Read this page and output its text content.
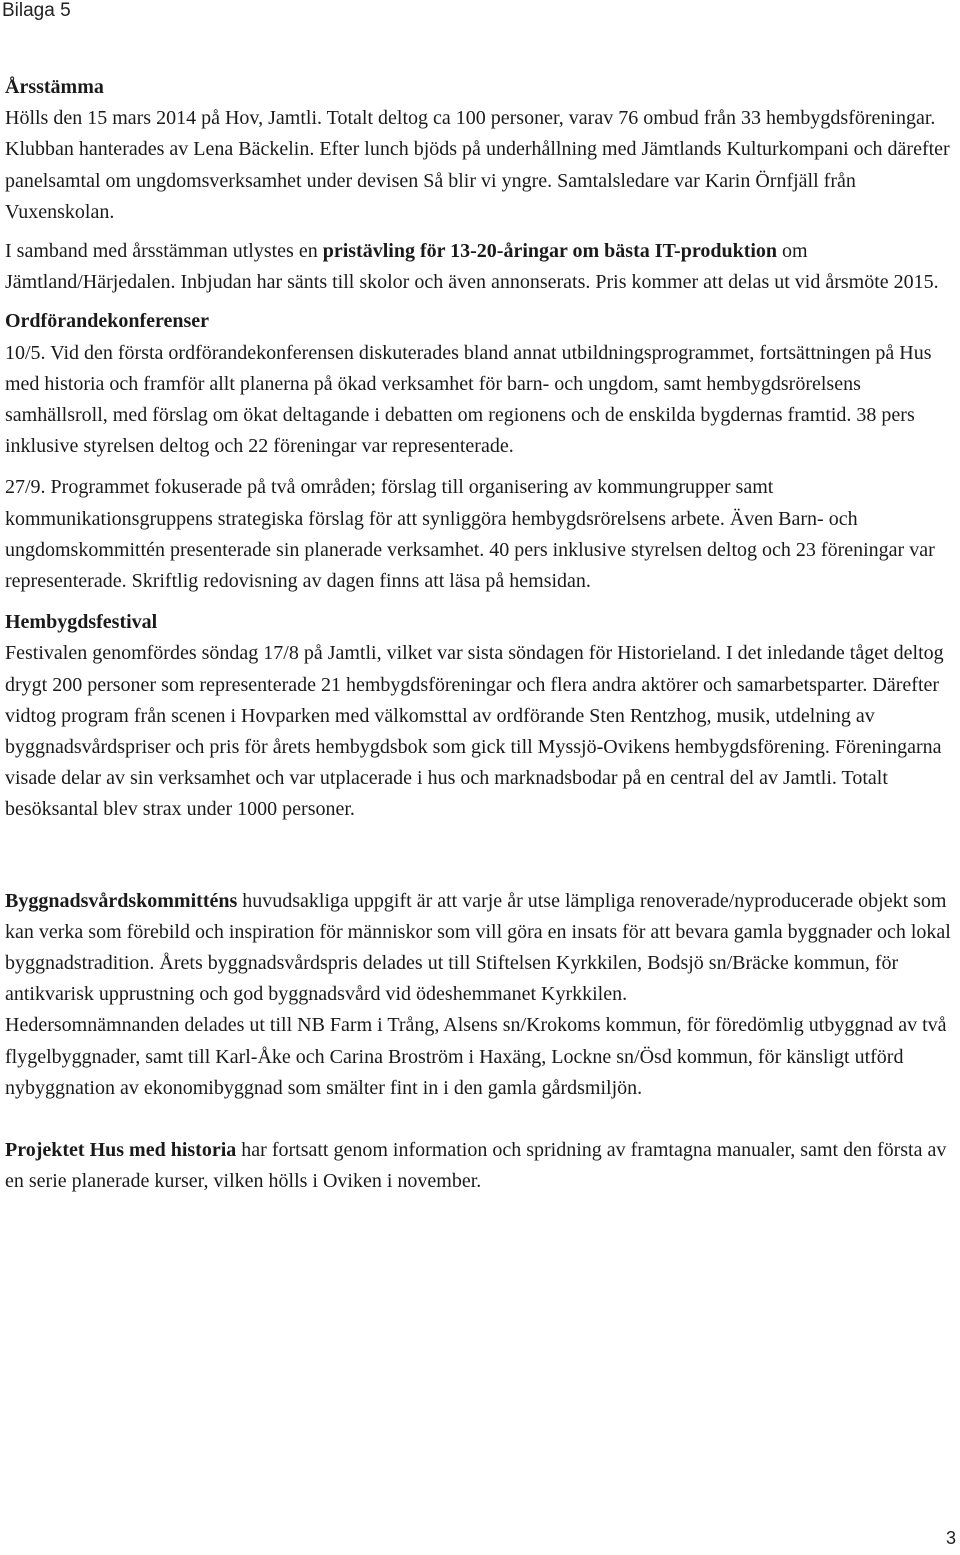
Bilaga 5

Årsstämma

Hölls den 15 mars 2014 på Hov, Jamtli. Totalt deltog ca 100 personer, varav 76 ombud från 33 hembygdsföreningar. Klubban hanterades av Lena Bäckelin. Efter lunch bjöds på underhållning med Jämtlands Kulturkompani och därefter panelsamtal om ungdomsverksamhet under devisen Så blir vi yngre. Samtalsledare var Karin Örnfjäll från Vuxenskolan.

I samband med årsstämman utlystes en pristävling för 13-20-åringar om bästa IT-produktion om Jämtland/Härjedalen. Inbjudan har sänts till skolor och även annonserats. Pris kommer att delas ut vid årsmöte 2015.

Ordförandekonferenser

10/5. Vid den första ordförandekonferensen diskuterades bland annat utbildningsprogrammet, fortsättningen på Hus med historia och framför allt planerna på ökad verksamhet för barn- och ungdom, samt hembygdsrörelsens samhällsroll, med förslag om ökat deltagande i debatten om regionens och de enskilda bygdernas framtid. 38 pers inklusive styrelsen deltog och 22 föreningar var representerade.

27/9. Programmet fokuserade på två områden; förslag till organisering av kommungrupper samt kommunikationsgruppens strategiska förslag för att synliggöra hembygdsrörelsens arbete. Även Barn- och ungdomskommittén presenterade sin planerade verksamhet. 40 pers inklusive styrelsen deltog och 23 föreningar var representerade. Skriftlig redovisning av dagen finns att läsa på hemsidan.

Hembygdsfestival

Festivalen genomfördes söndag 17/8 på Jamtli, vilket var sista söndagen för Historieland. I det inledande tåget deltog drygt 200 personer som representerade 21 hembygdsföreningar och flera andra aktörer och samarbetsparter. Därefter vidtog program från scenen i Hovparken med välkomsttal av ordförande Sten Rentzhog, musik, utdelning av byggnadsvårdspriser och pris för årets hembygdsbok som gick till Myssjö-Ovikens hembygdsförening. Föreningarna visade delar av sin verksamhet och var utplacerade i hus och marknadsbodar på en central del av Jamtli. Totalt besöksantal blev strax under 1000 personer.

Byggnadsvårdskommitténs huvudsakliga uppgift är att varje år utse lämpliga renoverade/nyproducerade objekt som kan verka som förebild och inspiration för människor som vill göra en insats för att bevara gamla byggnader och lokal byggnadstradition. Årets byggnadsvårdspris delades ut till Stiftelsen Kyrkkilen, Bodsjö sn/Bräcke kommun, för antikvarisk upprustning och god byggnadsvård vid ödeshemmanet Kyrkkilen.

Hedersomnämnanden delades ut till NB Farm i Trång, Alsens sn/Krokoms kommun, för föredömlig utbyggnad av två flygelbyggnader, samt till Karl-Åke och Carina Broström i Haxäng, Lockne sn/Ösd kommun, för känsligt utförd nybyggnation av ekonomibyggnad som smälter fint in i den gamla gårdsmiljön.

Projektet Hus med historia har fortsatt genom information och spridning av framtagna manualer, samt den första av en serie planerade kurser, vilken hölls i Oviken i november.

3
